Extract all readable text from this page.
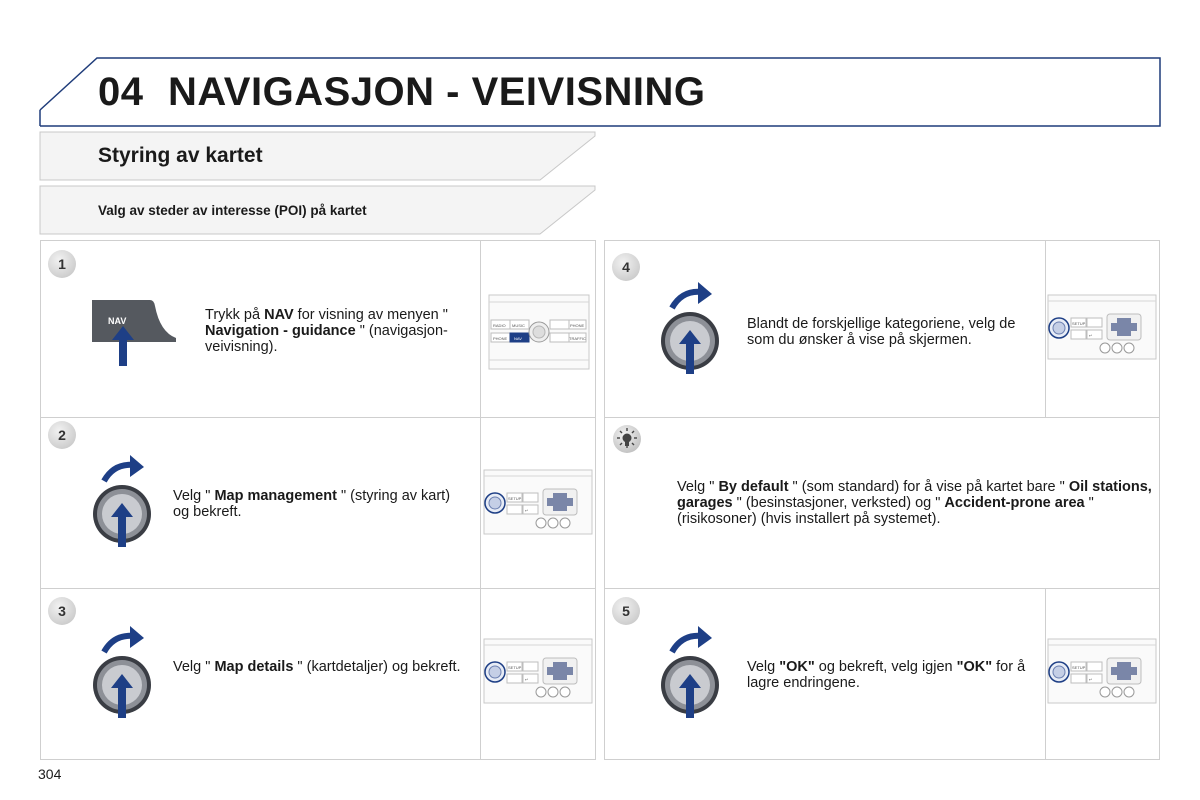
04 NAVIGASJON - VEIVISNING
Styring av kartet
Valg av steder av interesse (POI) på kartet
1
NAV	Trykk på NAV for visning av menyen " Navigation - guidance " (navigasjon-veivisning).
RADIO MUSIC
NAV
PHONE
PHONE
TRAFFIC
2
Velg " Map management " (styring av kart) og bekreft.
SETUP
↵
3
Velg " Map details " (kartdetaljer) og bekreft.	SETUP
↵
4
Blandt de forskjellige kategoriene, velg de som du ønsker å vise på skjermen.
SETUP
↵
Velg " By default " (som standard) for å vise på kartet bare " Oil stations, garages " (besinstasjoner, verksted) og " Accident-prone area " (risikosoner) (hvis installert på systemet).
5
Velg "OK" og bekreft, velg igjen "OK" for å lagre endringene.
SETUP
↵
304
